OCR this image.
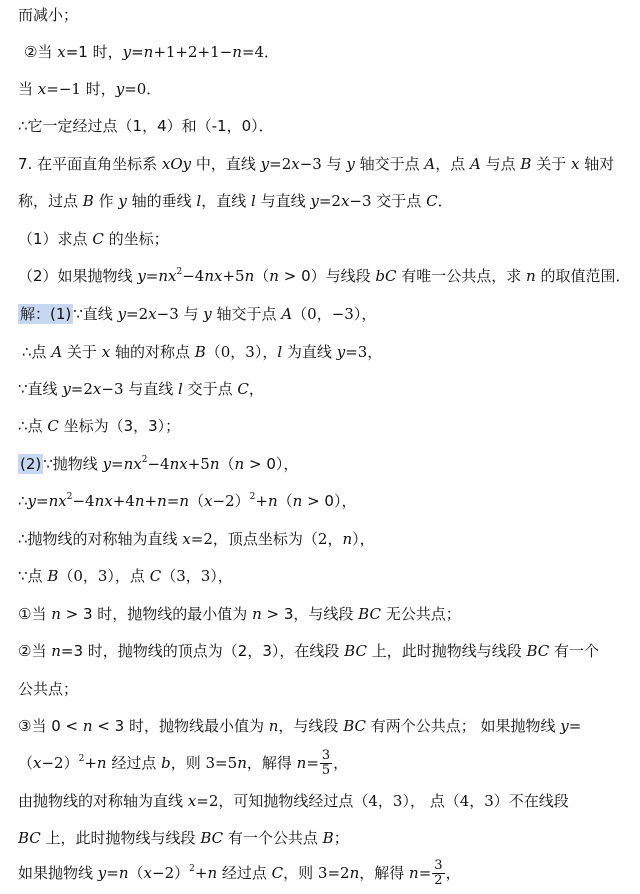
而减小；
②当 x=1 时，y=n+1+2+1−n=4．
当 x=−1 时，y=0．
∴它一定经过点（1，4）和（-1，0）．
7. 在平面直角坐标系 xOy 中，直线 y=2x−3 与 y 轴交于点 A，点 A 与点 B 关于 x 轴对
称，过点 B 作 y 轴的垂线 l，直线 l 与直线 y=2x−3 交于点 C．
（1）求点 C 的坐标；
（2）如果抛物线 $y=nx^2-4nx+5n(n > 0)$与线段 bC 有唯一公共点，求 n 的取值范围．
解：(1) ∵直线 y=2x−3 与 y 轴交于点 A（0，−3），
∴点 A 关于 x 轴的对称点 B（0，3），l 为直线 y=3，
∵直线 y=2x−3 与直线 l 交于点 C，
∴点 C 坐标为（3，3）；
(2) ∵抛物线 $y=nx^2-4nx+5n(n > 0)$，
$\therefore y=nx^2-4nx+4n+n=n(x-2)^2+n(n > 0)$，
∴抛物线的对称轴为直线 x=2，顶点坐标为（2，n），
∵点 B（0，3），点 C（3，3），
①当 n > 3 时，抛物线的最小值为 n > 3，与线段 BC 无公共点；
②当 n=3 时，抛物线的顶点为（2，3），在线段 BC 上，此时抛物线与线段 BC 有一个
公共点；
③当 0 < n < 3 时，抛物线最小值为 n，与线段 BC 有两个公共点； 如果抛物线 y=
$(x-2)^2+n$ 经过点 b，则 3=5n，解得 $n= \frac{3}{5}$ ，
由抛物线的对称轴为直线 x=2，可知抛物线经过点（4，3）， 点（4，3）不在线段
BC 上，此时抛物线与线段 BC 有一个公共点 B；
如果抛物线 $y=n(x-2)^2+n$ 经过点 C，则 3=2n，解得 $n= \frac{3}{2}$ ，
